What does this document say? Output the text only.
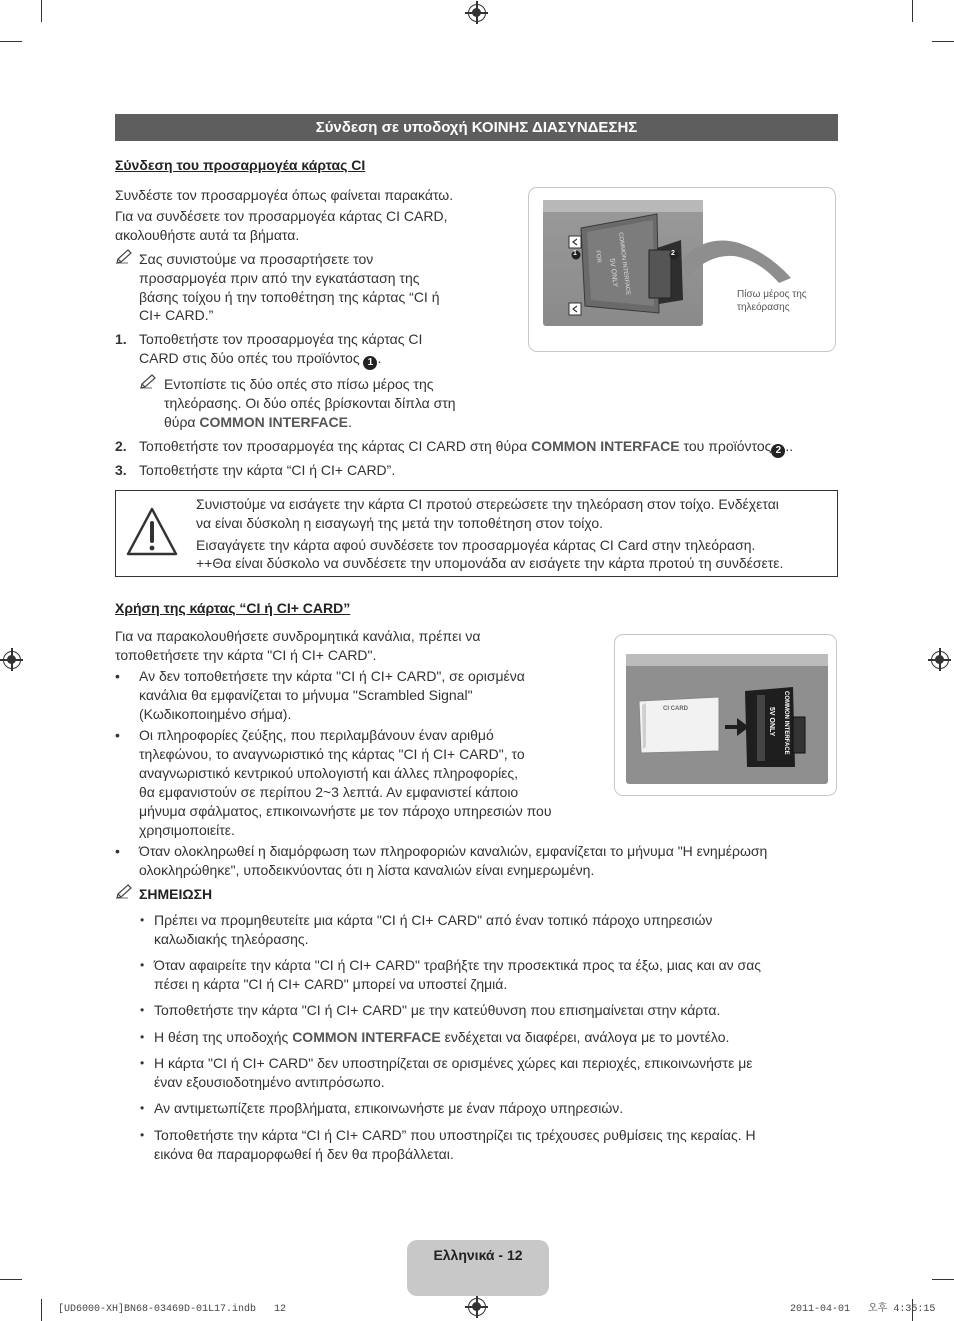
Σύνδεση σε υποδοχή ΚΟΙΝΗΣ ΔΙΑΣΥΝΔΕΣΗΣ
Σύνδεση του προσαρμογέα κάρτας CI
Συνδέστε τον προσαρμογέα όπως φαίνεται παρακάτω.
Για να συνδέσετε τον προσαρμογέα κάρτας CI CARD,
ακολουθήστε αυτά τα βήματα.
Σας συνιστούμε να προσαρτήσετε τον
προσαρμογέα πριν από την εγκατάσταση της
βάσης τοίχου ή την τοποθέτηση της κάρτας “CI ή
CI+ CARD.”
1. Τοποθετήστε τον προσαρμογέα της κάρτας CI
CARD στις δύο οπές του προϊόντος 1 .
Εντοπίστε τις δύο οπές στο πίσω μέρος της
τηλεόρασης. Οι δύο οπές βρίσκονται δίπλα στη
θύρα COMMON INTERFACE.
2. Τοποθετήστε τον προσαρμογέα της κάρτας CI CARD στη θύρα COMMON INTERFACE του προϊόντος 2 ..
3. Τοποθετήστε την κάρτα “CI ή CI+ CARD”.
FOR	COMMON INTERFACE
5V ONLY
1	2
Πίσω μέρος της
τηλεόρασης
Συνιστούμε να εισάγετε την κάρτα CI προτού στερεώσετε την τηλεόραση στον τοίχο. Ενδέχεται
να είναι δύσκολη η εισαγωγή της μετά την τοποθέτηση στον τοίχο.
Εισαγάγετε την κάρτα αφού συνδέσετε τον προσαρμογέα κάρτας CI Card στην τηλεόραση.
++Θα είναι δύσκολο να συνδέσετε την υπομονάδα αν εισάγετε την κάρτα προτού τη συνδέσετε.
Χρήση της κάρτας “CI ή CI+ CARD”
Για να παρακολουθήσετε συνδρομητικά κανάλια, πρέπει να
τοποθετήσετε την κάρτα "CI ή CI+ CARD".
• Αν δεν τοποθετήσετε την κάρτα "CI ή CI+ CARD", σε ορισμένα
κανάλια θα εμφανίζεται το μήνυμα "Scrambled Signal"
(Κωδικοποιημένο σήμα).
• Οι πληροφορίες ζεύξης, που περιλαμβάνουν έναν αριθμό
τηλεφώνου, το αναγνωριστικό της κάρτας "CI ή CI+ CARD", το
αναγνωριστικό κεντρικού υπολογιστή και άλλες πληροφορίες,
θα εμφανιστούν σε περίπου 2~3 λεπτά. Αν εμφανιστεί κάποιο
μήνυμα σφάλματος, επικοινωνήστε με τον πάροχο υπηρεσιών που
χρησιμοποιείτε.
• Όταν ολοκληρωθεί η διαμόρφωση των πληροφοριών καναλιών, εμφανίζεται το μήνυμα "Η ενημέρωση
ολοκληρώθηκε", υποδεικνύοντας ότι η λίστα καναλιών είναι ενημερωμένη.
ΣΗΜΕΙΩΣΗ
• Πρέπει να προμηθευτείτε μια κάρτα "CI ή CI+ CARD" από έναν τοπικό πάροχο υπηρεσιών
καλωδιακής τηλεόρασης.
• Όταν αφαιρείτε την κάρτα "CI ή CI+ CARD" τραβήξτε την προσεκτικά προς τα έξω, μιας και αν σας
πέσει η κάρτα "CI ή CI+ CARD" μπορεί να υποστεί ζημιά.
• Τοποθετήστε την κάρτα "CI ή CI+ CARD" με την κατεύθυνση που επισημαίνεται στην κάρτα.
• Η θέση της υποδοχής COMMON INTERFACE ενδέχεται να διαφέρει, ανάλογα με το μοντέλο.
• Η κάρτα "CI ή CI+ CARD" δεν υποστηρίζεται σε ορισμένες χώρες και περιοχές, επικοινωνήστε με
έναν εξουσιοδοτημένο αντιπρόσωπο.
• Αν αντιμετωπίζετε προβλήματα, επικοινωνήστε με έναν πάροχο υπηρεσιών.
• Τοποθετήστε την κάρτα “CI ή CI+ CARD” που υποστηρίζει τις τρέχουσες ρυθμίσεις της κεραίας. Η
εικόνα θα παραμορφωθεί ή δεν θα προβάλλεται.
CI CARD	5V ONLY COMMON INTERFACE
Ελληνικά - 12
[UD6000-XH]BN68-03469D-01L17.indb   12	2011-04-01   오후 4:35:15
